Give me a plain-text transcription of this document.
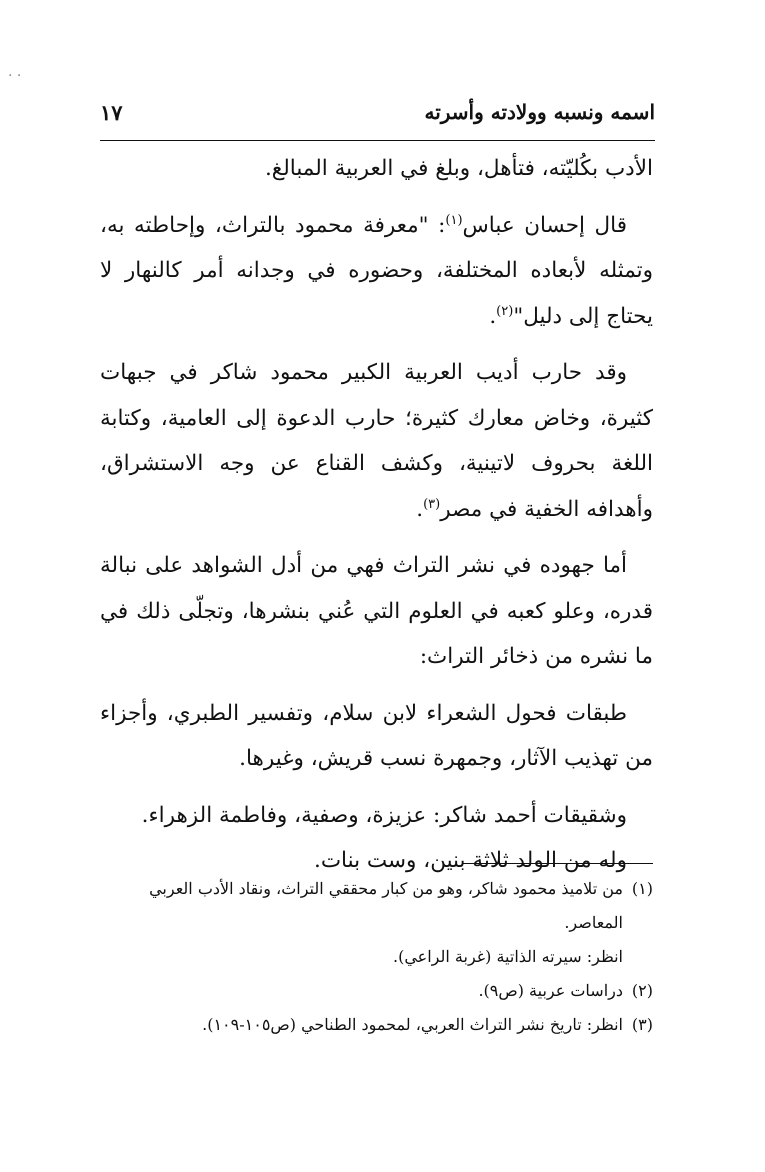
. .
اسمه ونسبه وولادته وأسرته
١٧

الأدب بكُليّته، فتأهل، وبلغ في العربية المبالغ.

قال إحسان عباس$^{(١)}$: "معرفة محمود بالتراث، وإحاطته به، وتمثله لأبعاده المختلفة، وحضوره في وجدانه أمر كالنهار لا يحتاج إلى دليل"$^{(٢)}$.

وقد حارب أديب العربية الكبير محمود شاكر في جبهات كثيرة، وخاض معارك كثيرة؛ حارب الدعوة إلى العامية، وكتابة اللغة بحروف لاتينية، وكشف القناع عن وجه الاستشراق، وأهدافه الخفية في مصر$^{(٣)}$.

أما جهوده في نشر التراث فهي من أدل الشواهد على نبالة قدره، وعلو كعبه في العلوم التي عُني بنشرها، وتجلّى ذلك في ما نشره من ذخائر التراث:

طبقات فحول الشعراء لابن سلام، وتفسير الطبري، وأجزاء من تهذيب الآثار، وجمهرة نسب قريش، وغيرها.

وشقيقات أحمد شاكر: عزيزة، وصفية، وفاطمة الزهراء.

وله من الولد ثلاثة بنين، وست بنات.

(١)
من تلاميذ محمود شاكر، وهو من كبار محققي التراث، ونقاد الأدب العربي المعاصر.
انظر: سيرته الذاتية (غربة الراعي).
(٢)
دراسات عربية (ص٩).
(٣)
انظر: تاريخ نشر التراث العربي، لمحمود الطناحي (ص١٠٥-١٠٩).
